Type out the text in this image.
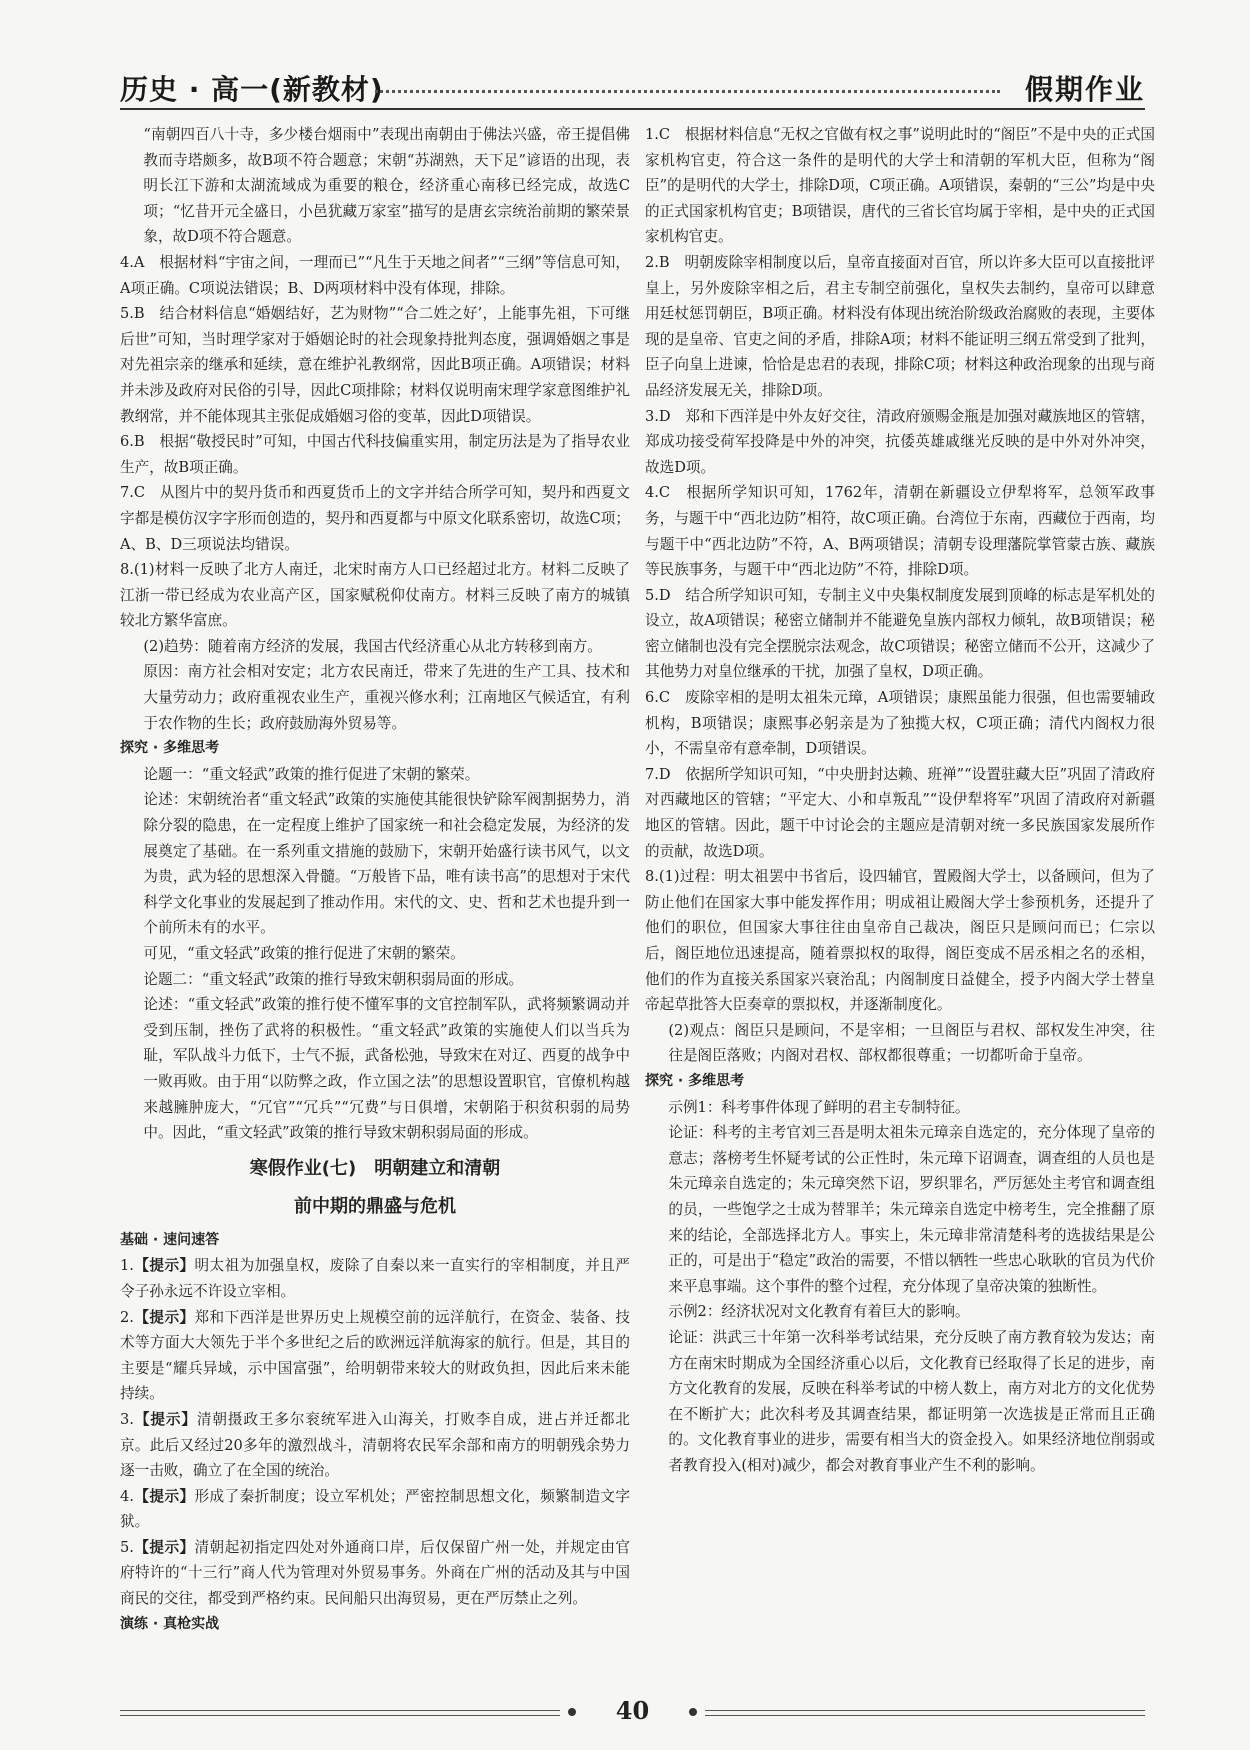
历史 · 高一(新教材)	假期作业

“南朝四百八十寺，多少楼台烟雨中”表现出南朝由于佛法兴盛，帝王提倡佛教而寺塔颇多，故B项不符合题意；宋朝“苏湖熟，天下足”谚语的出现，表明长江下游和太湖流域成为重要的粮仓，经济重心南移已经完成，故选C项；“忆昔开元全盛日，小邑犹藏万家室”描写的是唐玄宗统治前期的繁荣景象，故D项不符合题意。

4.A　根据材料“宇宙之间，一理而已”“凡生于天地之间者”“三纲”等信息可知，A项正确。C项说法错误；B、D两项材料中没有体现，排除。

5.B　结合材料信息“婚姻结好，艺为财物”“合二姓之好’，上能事先祖，下可继后世”可知，当时理学家对于婚姻论时的社会现象持批判态度，强调婚姻之事是对先祖宗亲的继承和延续，意在维护礼教纲常，因此B项正确。A项错误；材料并未涉及政府对民俗的引导，因此C项排除；材料仅说明南宋理学家意图维护礼教纲常，并不能体现其主张促成婚姻习俗的变革，因此D项错误。

6.B　根据“敬授民时”可知，中国古代科技偏重实用，制定历法是为了指导农业生产，故B项正确。

7.C　从图片中的契丹货币和西夏货币上的文字并结合所学可知，契丹和西夏文字都是模仿汉字字形而创造的，契丹和西夏都与中原文化联系密切，故选C项；A、B、D三项说法均错误。

8.(1)材料一反映了北方人南迁，北宋时南方人口已经超过北方。材料二反映了江浙一带已经成为农业高产区，国家赋税仰仗南方。材料三反映了南方的城镇较北方繁华富庶。

(2)趋势：随着南方经济的发展，我国古代经济重心从北方转移到南方。

原因：南方社会相对安定；北方农民南迁，带来了先进的生产工具、技术和大量劳动力；政府重视农业生产，重视兴修水利；江南地区气候适宜，有利于农作物的生长；政府鼓励海外贸易等。

探究 · 多维思考

论题一：“重文轻武”政策的推行促进了宋朝的繁荣。

论述：宋朝统治者“重文轻武”政策的实施使其能很快铲除军阀割据势力，消除分裂的隐患，在一定程度上维护了国家统一和社会稳定发展，为经济的发展奠定了基础。在一系列重文措施的鼓励下，宋朝开始盛行读书风气，以文为贵，武为轻的思想深入骨髓。“万般皆下品，唯有读书高”的思想对于宋代科学文化事业的发展起到了推动作用。宋代的文、史、哲和艺术也提升到一个前所未有的水平。

可见，“重文轻武”政策的推行促进了宋朝的繁荣。

论题二：“重文轻武”政策的推行导致宋朝积弱局面的形成。

论述：“重文轻武”政策的推行使不懂军事的文官控制军队，武将频繁调动并受到压制，挫伤了武将的积极性。“重文轻武”政策的实施使人们以当兵为耻，军队战斗力低下，士气不振，武备松弛，导致宋在对辽、西夏的战争中一败再败。由于用“以防弊之政，作立国之法”的思想设置职官，官僚机构越来越臃肿庞大，“冗官”“冗兵”“冗费”与日俱增，宋朝陷于积贫积弱的局势中。因此，“重文轻武”政策的推行导致宋朝积弱局面的形成。

寒假作业(七)　明朝建立和清朝

前中期的鼎盛与危机

基础 · 速问速答

1.【提示】明太祖为加强皇权，废除了自秦以来一直实行的宰相制度，并且严令子孙永远不许设立宰相。

2.【提示】郑和下西洋是世界历史上规模空前的远洋航行，在资金、装备、技术等方面大大领先于半个多世纪之后的欧洲远洋航海家的航行。但是，其目的主要是“耀兵异域，示中国富强”，给明朝带来较大的财政负担，因此后来未能持续。

3.【提示】清朝摄政王多尔衮统军进入山海关，打败李自成，进占并迁都北京。此后又经过20多年的激烈战斗，清朝将农民军余部和南方的明朝残余势力逐一击败，确立了在全国的统治。

4.【提示】形成了秦折制度；设立军机处；严密控制思想文化，频繁制造文字狱。

5.【提示】清朝起初指定四处对外通商口岸，后仅保留广州一处，并规定由官府特许的“十三行”商人代为管理对外贸易事务。外商在广州的活动及其与中国商民的交往，都受到严格约束。民间船只出海贸易，更在严厉禁止之列。

演练 · 真枪实战

1.C　根据材料信息“无权之官做有权之事”说明此时的“阁臣”不是中央的正式国家机构官吏，符合这一条件的是明代的大学士和清朝的军机大臣，但称为“阁臣”的是明代的大学士，排除D项，C项正确。A项错误，秦朝的“三公”均是中央的正式国家机构官吏；B项错误，唐代的三省长官均属于宰相，是中央的正式国家机构官吏。

2.B　明朝废除宰相制度以后，皇帝直接面对百官，所以许多大臣可以直接批评皇上，另外废除宰相之后，君主专制空前强化，皇权失去制约，皇帝可以肆意用廷杖惩罚朝臣，B项正确。材料没有体现出统治阶级政治腐败的表现，主要体现的是皇帝、官吏之间的矛盾，排除A项；材料不能证明三纲五常受到了批判，臣子向皇上进谏，恰恰是忠君的表现，排除C项；材料这种政治现象的出现与商品经济发展无关，排除D项。

3.D　郑和下西洋是中外友好交往，清政府颁赐金瓶是加强对藏族地区的管辖，郑成功接受荷军投降是中外的冲突，抗倭英雄戚继光反映的是中外对外冲突，故选D项。

4.C　根据所学知识可知，1762年，清朝在新疆设立伊犁将军，总领军政事务，与题干中“西北边防”相符，故C项正确。台湾位于东南，西藏位于西南，均与题干中“西北边防”不符，A、B两项错误；清朝专设理藩院掌管蒙古族、藏族等民族事务，与题干中“西北边防”不符，排除D项。

5.D　结合所学知识可知，专制主义中央集权制度发展到顶峰的标志是军机处的设立，故A项错误；秘密立储制并不能避免皇族内部权力倾轧，故B项错误；秘密立储制也没有完全摆脱宗法观念，故C项错误；秘密立储而不公开，这减少了其他势力对皇位继承的干扰，加强了皇权，D项正确。

6.C　废除宰相的是明太祖朱元璋，A项错误；康熙虽能力很强，但也需要辅政机构，B项错误；康熙事必躬亲是为了独揽大权，C项正确；清代内阁权力很小，不需皇帝有意牵制，D项错误。

7.D　依据所学知识可知，“中央册封达赖、班禅”“设置驻藏大臣”巩固了清政府对西藏地区的管辖；“平定大、小和卓叛乱”“设伊犁将军”巩固了清政府对新疆地区的管辖。因此，题干中讨论会的主题应是清朝对统一多民族国家发展所作的贡献，故选D项。

8.(1)过程：明太祖罢中书省后，设四辅官，置殿阁大学士，以备顾问，但为了防止他们在国家大事中能发挥作用；明成祖让殿阁大学士参预机务，还提升了他们的职位，但国家大事往往由皇帝自己裁决，阁臣只是顾问而已；仁宗以后，阁臣地位迅速提高，随着票拟权的取得，阁臣变成不居丞相之名的丞相，他们的作为直接关系国家兴衰治乱；内阁制度日益健全，授予内阁大学士替皇帝起草批答大臣奏章的票拟权，并逐渐制度化。

(2)观点：阁臣只是顾问，不是宰相；一旦阁臣与君权、部权发生冲突，往往是阁臣落败；内阁对君权、部权都很尊重；一切都听命于皇帝。

探究 · 多维思考

示例1：科考事件体现了鲜明的君主专制特征。

论证：科考的主考官刘三吾是明太祖朱元璋亲自选定的，充分体现了皇帝的意志；落榜考生怀疑考试的公正性时，朱元璋下诏调查，调查组的人员也是朱元璋亲自选定的；朱元璋突然下诏，罗织罪名，严厉惩处主考官和调查组的员，一些饱学之士成为替罪羊；朱元璋亲自选定中榜考生，完全推翻了原来的结论，全部选择北方人。事实上，朱元璋非常清楚科考的选拔结果是公正的，可是出于“稳定”政治的需要，不惜以牺牲一些忠心耿耿的官员为代价来平息事端。这个事件的整个过程，充分体现了皇帝决策的独断性。

示例2：经济状况对文化教育有着巨大的影响。

论证：洪武三十年第一次科举考试结果，充分反映了南方教育较为发达；南方在南宋时期成为全国经济重心以后，文化教育已经取得了长足的进步，南方文化教育的发展，反映在科举考试的中榜人数上，南方对北方的文化优势在不断扩大；此次科考及其调查结果，都证明第一次选拔是正常而且正确的。文化教育事业的进步，需要有相当大的资金投入。如果经济地位削弱或者教育投入(相对)减少，都会对教育事业产生不利的影响。

40
